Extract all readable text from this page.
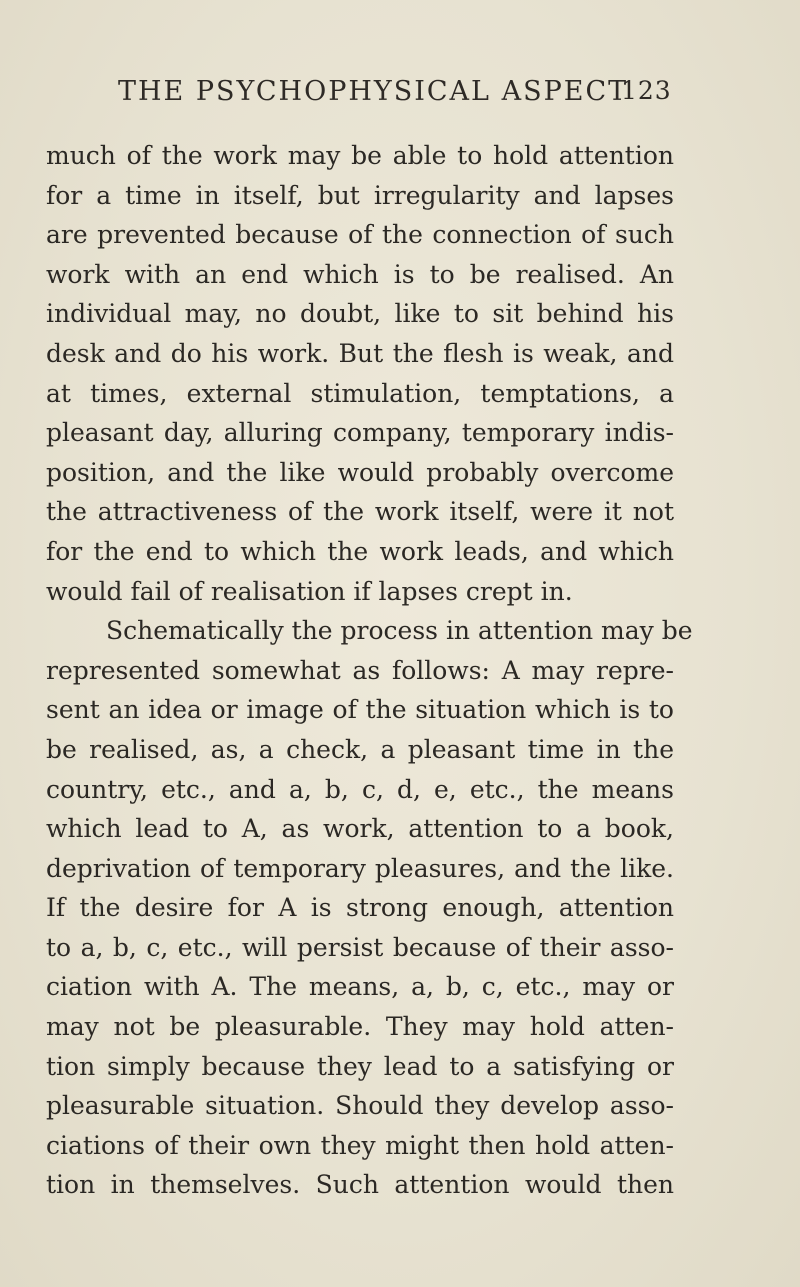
THE PSYCHOPHYSICAL ASPECT
123
much of the work may be able to hold attention
for a time in itself, but irregularity and lapses
are prevented because of the connection of such
work with an end which is to be realised. An
individual may, no doubt, like to sit behind his
desk and do his work. But the flesh is weak, and
at times, external stimulation, temptations, a
pleasant day, alluring company, temporary indis-
position, and the like would probably overcome
the attractiveness of the work itself, were it not
for the end to which the work leads, and which
would fail of realisation if lapses crept in.
Schematically the process in attention may be
represented somewhat as follows: A may repre-
sent an idea or image of the situation which is to
be realised, as, a check, a pleasant time in the
country, etc., and a, b, c, d, e, etc., the means
which lead to A, as work, attention to a book,
deprivation of temporary pleasures, and the like.
If the desire for A is strong enough, attention
to a, b, c, etc., will persist because of their asso-
ciation with A. The means, a, b, c, etc., may or
may not be pleasurable. They may hold atten-
tion simply because they lead to a satisfying or
pleasurable situation. Should they develop asso-
ciations of their own they might then hold atten-
tion in themselves. Such attention would then
